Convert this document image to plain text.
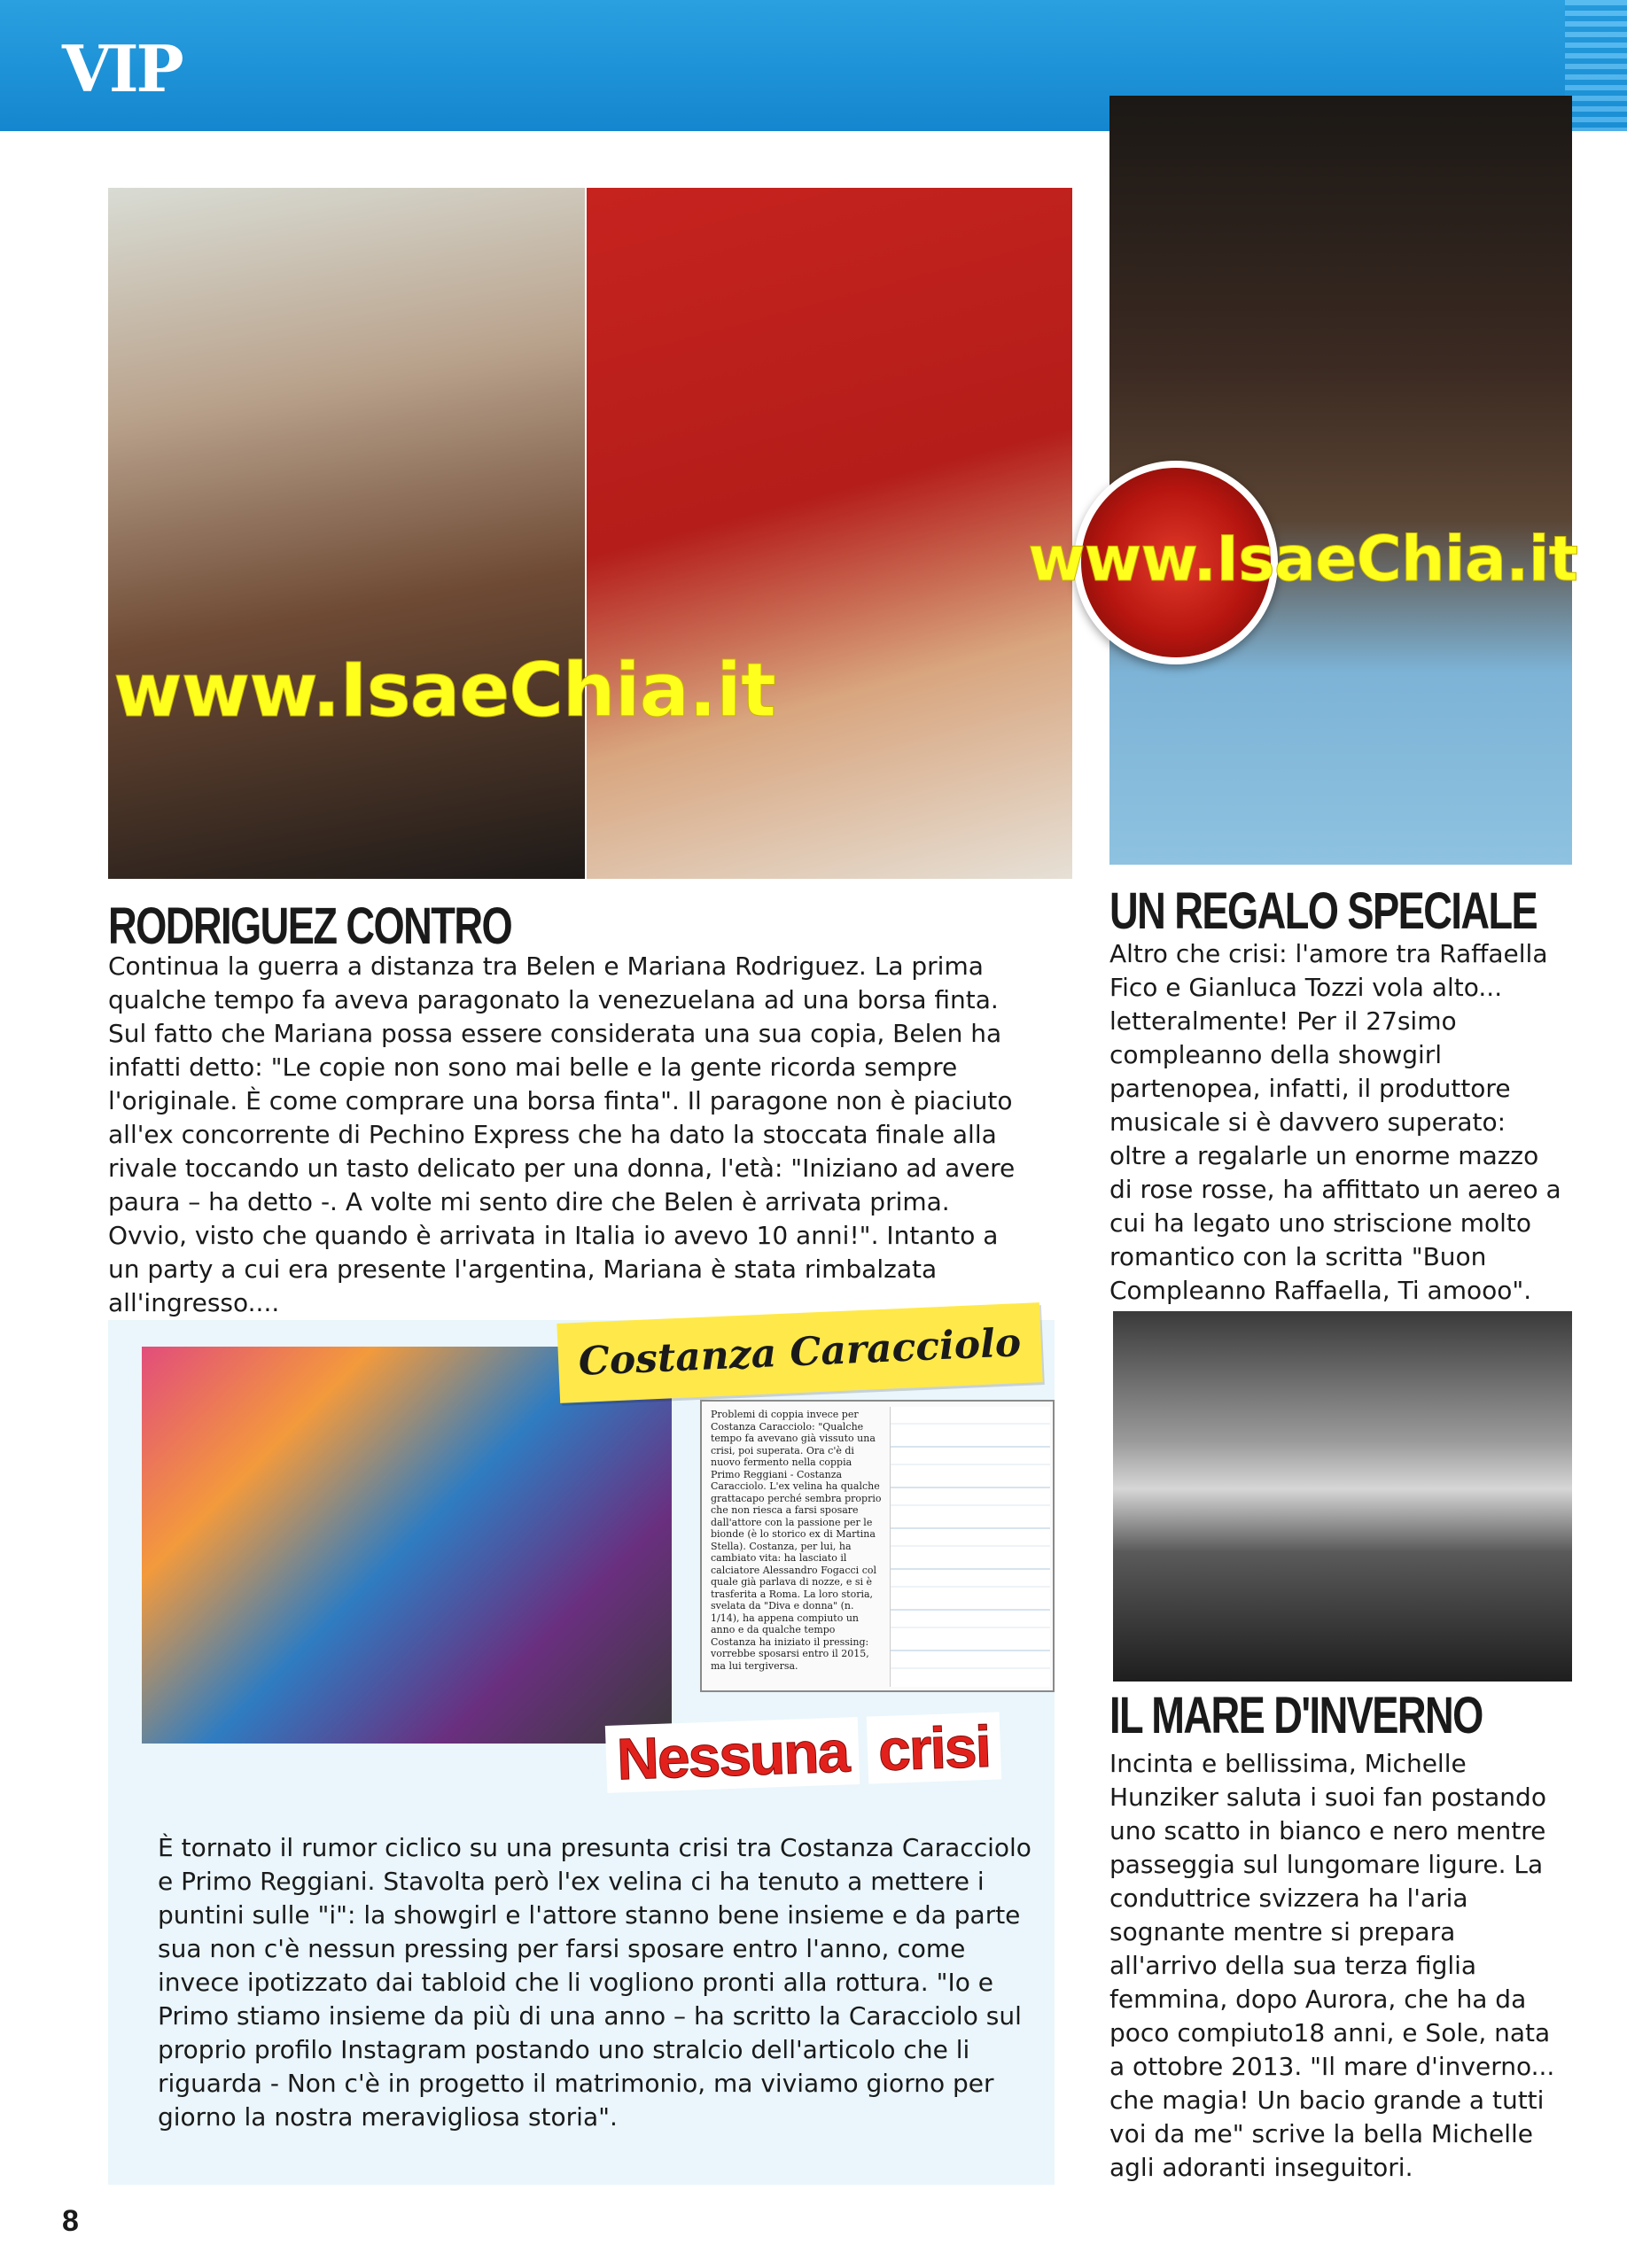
VIP
www.IsaeChia.it
www.IsaeChia.it
RODRIGUEZ CONTRO
Continua la guerra a distanza tra Belen e Mariana Rodriguez. La prima qualche tempo fa aveva paragonato la venezuelana ad una borsa finta. Sul fatto che Mariana possa essere considerata una sua copia, Belen ha infatti detto: "Le copie non sono mai belle e la gente ricorda sempre l'originale. È come comprare una borsa finta". Il paragone non è piaciuto all'ex concorrente di Pechino Express che ha dato la stoccata finale alla rivale toccando un tasto delicato per una donna, l'età: "Iniziano ad avere paura – ha detto -. A volte mi sento dire che Belen è arrivata prima. Ovvio, visto che quando è arrivata in Italia io avevo 10 anni!". Intanto a un party a cui era presente l'argentina, Mariana è stata rimbalzata all'ingresso....
UN REGALO SPECIALE
Altro che crisi: l'amore tra Raffaella Fico e Gianluca Tozzi vola alto... letteralmente! Per il 27simo compleanno della showgirl partenopea, infatti, il produttore musicale si è davvero superato: oltre a regalarle un enorme mazzo di rose rosse, ha affittato un aereo a cui ha legato uno striscione molto romantico con la scritta "Buon Compleanno Raffaella, Ti amooo".
Problemi di coppia invece per Costanza Caracciolo: "Qualche tempo fa avevano già vissuto una crisi, poi superata. Ora c'è di nuovo fermento nella coppia Primo Reggiani - Costanza Caracciolo. L'ex velina ha qualche grattacapo perché sembra proprio che non riesca a farsi sposare dall'attore con la passione per le bionde (è lo storico ex di Martina Stella). Costanza, per lui, ha cambiato vita: ha lasciato il calciatore Alessandro Fogacci col quale già parlava di nozze, e si è trasferita a Roma. La loro storia, svelata da "Diva e donna" (n. 1/14), ha appena compiuto un anno e da qualche tempo Costanza ha iniziato il pressing: vorrebbe sposarsi entro il 2015, ma lui tergiversa.
Costanza Caracciolo
Nessuna crisi
È tornato il rumor ciclico su una presunta crisi tra Costanza Caracciolo e Primo Reggiani. Stavolta però l'ex velina ci ha tenuto a mettere i puntini sulle "i": la showgirl e l'attore stanno bene insieme e da parte sua non c'è nessun pressing per farsi sposare entro l'anno, come invece ipotizzato dai tabloid che li vogliono pronti alla rottura. "Io e Primo stiamo insieme da più di una anno – ha scritto la Caracciolo sul proprio profilo Instagram postando uno stralcio dell'articolo che li riguarda - Non c'è in progetto il matrimonio, ma viviamo giorno per giorno la nostra meravigliosa storia".
IL MARE D'INVERNO
Incinta e bellissima, Michelle Hunziker saluta i suoi fan postando uno scatto in bianco e nero mentre passeggia sul lungomare ligure. La conduttrice svizzera ha l'aria sognante mentre si prepara all'arrivo della sua terza figlia femmina, dopo Aurora, che ha da poco compiuto18 anni, e Sole, nata a ottobre 2013. "Il mare d'inverno... che magia! Un bacio grande a tutti voi da me" scrive la bella Michelle agli adoranti inseguitori.
8
